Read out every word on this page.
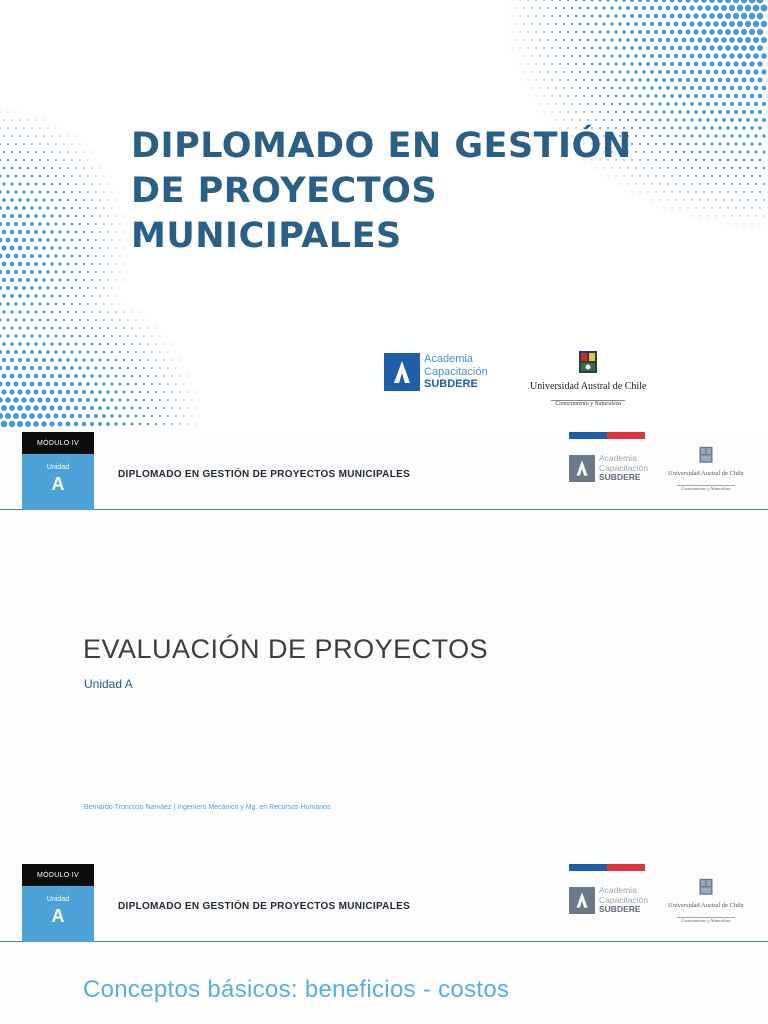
DIPLOMADO EN GESTIÓN
DE PROYECTOS
MUNICIPALES
Academia
Capacitación
SUBDERE	Universidad Austral de Chile
Conocimiento y Naturaleza
MÓDULO IV
Unidad
A	DIPLOMADO EN GESTIÓN DE PROYECTOS MUNICIPALES
Academia
Capacitación
SUBDERE	Universidad Austral de Chile
Conocimiento y Naturaleza
EVALUACIÓN DE PROYECTOS
Unidad A
Bernardo Troncoso Narváez | Ingeniero Mecánico y Mg. en Recursos Humanos
MÓDULO IV
Unidad
A	DIPLOMADO EN GESTIÓN DE PROYECTOS MUNICIPALES
Academia
Capacitación
SUBDERE	Universidad Austral de Chile
Conocimiento y Naturaleza
Conceptos básicos: beneficios - costos
